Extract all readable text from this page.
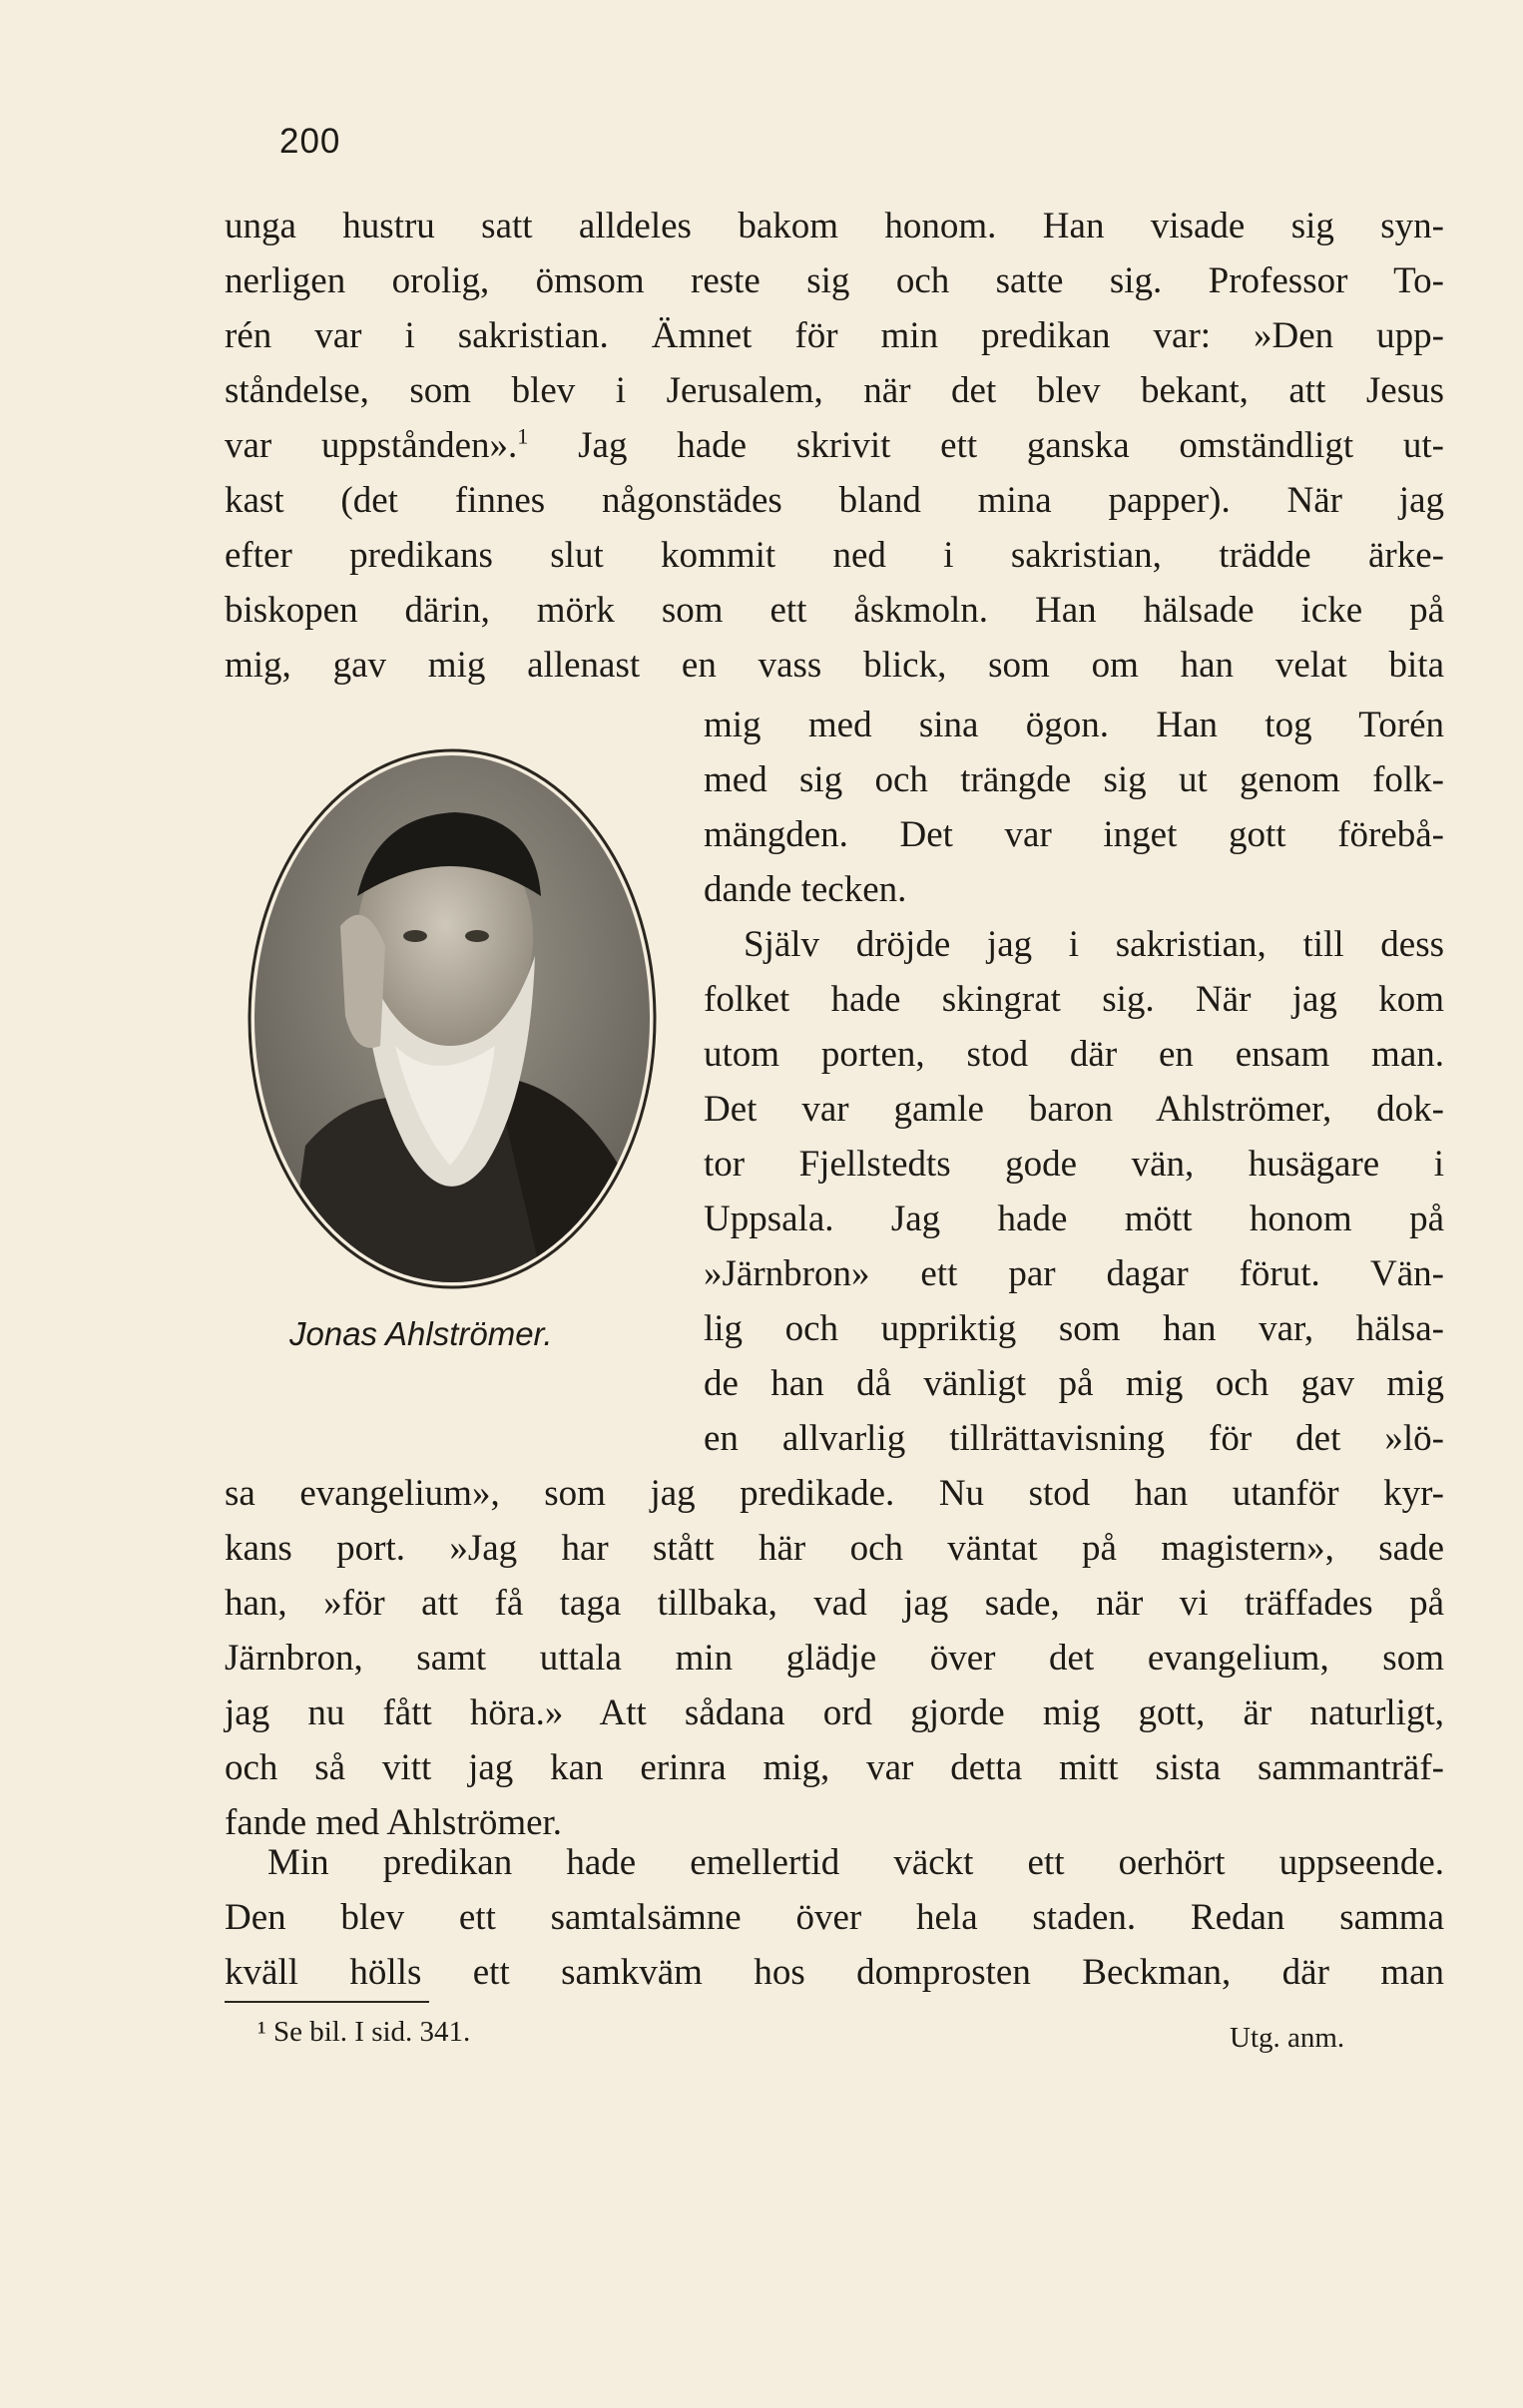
200
unga hustru satt alldeles bakom honom. Han visade sig syn-
nerligen orolig, ömsom reste sig och satte sig. Professor To-
rén var i sakristian. Ämnet för min predikan var: »Den upp-
ståndelse, som blev i Jerusalem, när det blev bekant, att Jesus
var uppstånden».$^1$ Jag hade skrivit ett ganska omständligt ut-
kast (det finnes någonstädes bland mina papper). När jag
efter predikans slut kommit ned i sakristian, trädde ärke-
biskopen därin, mörk som ett åskmoln. Han hälsade icke på
mig, gav mig allenast en vass blick, som om han velat bita
mig med sina ögon. Han tog Torén
med sig och trängde sig ut genom folk-
mängden. Det var inget gott förebå-
dande tecken.
Själv dröjde jag i sakristian, till dess
folket hade skingrat sig. När jag kom
utom porten, stod där en ensam man.
Det var gamle baron Ahlströmer, dok-
tor Fjellstedts gode vän, husägare i
Uppsala. Jag hade mött honom på
»Järnbron» ett par dagar förut. Vän-
lig och uppriktig som han var, hälsa-
de han då vänligt på mig och gav mig
en allvarlig tillrättavisning för det »lö-
Jonas Ahlströmer.
sa evangelium», som jag predikade. Nu stod han utanför kyr-
kans port. »Jag har stått här och väntat på magistern», sade
han, »för att få taga tillbaka, vad jag sade, när vi träffades på
Järnbron, samt uttala min glädje över det evangelium, som
jag nu fått höra.» Att sådana ord gjorde mig gott, är naturligt,
och så vitt jag kan erinra mig, var detta mitt sista sammanträf-
fande med Ahlströmer.
Min predikan hade emellertid väckt ett oerhört uppseende.
Den blev ett samtalsämne över hela staden. Redan samma
kväll hölls ett samkväm hos domprosten Beckman, där man
¹ Se bil. I sid. 341.	Utg. anm.
